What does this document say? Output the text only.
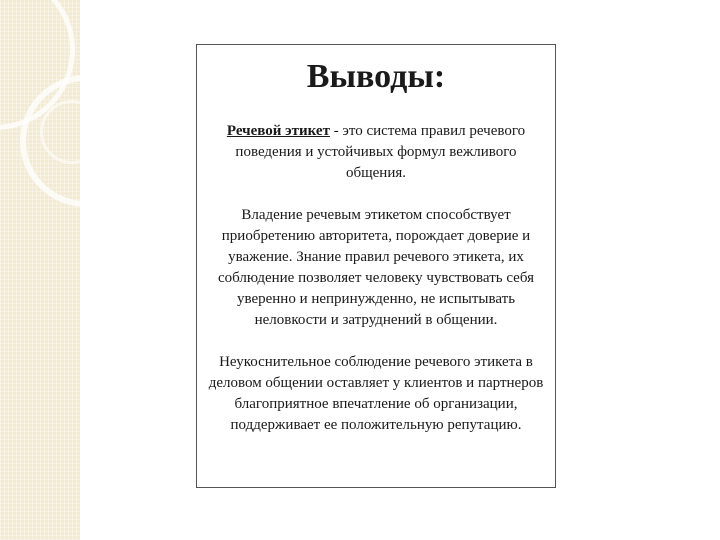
Выводы:

Речевой этикет - это система правил речевого поведения и устойчивых формул вежливого общения.

Владение речевым этикетом способствует приобретению авторитета, порождает доверие и уважение. Знание правил речевого этикета, их соблюдение позволяет человеку чувствовать себя уверенно и непринужденно, не испытывать неловкости и затруднений в общении.

Неукоснительное соблюдение речевого этикета в деловом общении оставляет у клиентов и партнеров благоприятное впечатление об организации, поддерживает ее положительную репутацию.
